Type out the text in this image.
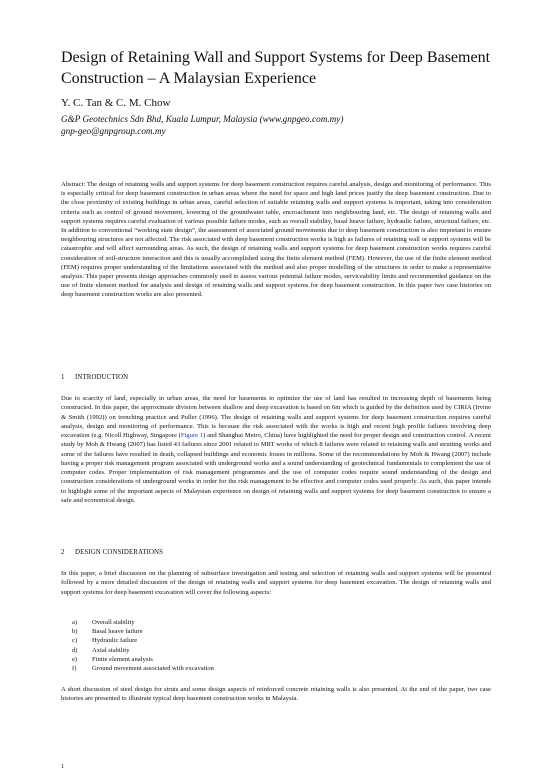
Design of Retaining Wall and Support Systems for Deep Basement Construction – A Malaysian Experience
Y. C. Tan & C. M. Chow
G&P Geotechnics Sdn Bhd, Kuala Lumpur, Malaysia (www.gnpgeo.com.my)
gnp-geo@gnpgroup.com.my

Abstract: The design of retaining walls and support systems for deep basement construction requires careful analysis, design and monitoring of performance. This is especially critical for deep basement construction in urban areas where the need for space and high land prices justify the deep basement construction. Due to the close proximity of existing buildings in urban areas, careful selection of suitable retaining walls and support systems is important, taking into consideration criteria such as control of ground movement, lowering of the groundwater table, encroachment into neighbouring land, etc. The design of retaining walls and support systems requires careful evaluation of various possible failure modes, such as overall stability, basal heave failure, hydraulic failure, structural failure, etc. In addition to conventional “working state design”, the assessment of associated ground movements due to deep basement construction is also important to ensure neighbouring structures are not affected. The risk associated with deep basement construction works is high as failures of retaining wall or support systems will be catastrophic and will affect surrounding areas. As such, the design of retaining walls and support systems for deep basement construction works requires careful consideration of soil-structure interaction and this is usually accomplished using the finite element method (FEM). However, the use of the finite element method (FEM) requires proper understanding of the limitations associated with the method and also proper modelling of the structures in order to make a representative analysis. This paper presents design approaches commonly used to assess various potential failure modes, serviceability limits and recommended guidance on the use of finite element method for analysis and design of retaining walls and support systems for deep basement construction. In this paper two case histories on deep basement construction works are also presented.

1 INTRODUCTION

Due to scarcity of land, especially in urban areas, the need for basements to optimize the use of land has resulted in increasing depth of basements being constructed. In this paper, the approximate division between shallow and deep excavation is based on 6m which is guided by the definition used by CIRIA (Irvine & Smith (1992)) on trenching practice and Puller (1996). The design of retaining walls and support systems for deep basement construction requires careful analysis, design and monitoring of performance. This is because the risk associated with the works is high and recent high profile failures involving deep excavation (e.g. Nicoll Highway, Singapore (Figure 1) and Shanghai Metro, China) have highlighted the need for proper design and construction control. A recent study by Moh & Hwang (2007) has listed 43 failures since 2001 related to MRT works of which 8 failures were related to retaining walls and strutting works and some of the failures have resulted in death, collapsed buildings and economic losses in millions. Some of the recommendations by Moh & Hwang (2007) include having a proper risk management program associated with underground works and a sound understanding of geotechnical fundamentals to complement the use of computer codes. Proper implementation of risk management programmes and the use of computer codes require sound understanding of the design and construction considerations of underground works in order for the risk management to be effective and computer codes used properly. As such, this paper intends to highlight some of the important aspects of Malaysian experience on design of retaining walls and support systems for deep basement construction to ensure a safe and economical design.

2 DESIGN CONSIDERATIONS

In this paper, a brief discussion on the planning of subsurface investigation and testing and selection of retaining walls and support systems will be presented followed by a more detailed discussion of the design of retaining walls and support systems for deep basement excavation. The design of retaining walls and support systems for deep basement excavation will cover the following aspects:

a)	Overall stability
b)	Basal heave failure
c)	Hydraulic failure
d)	Axial stability
e)	Finite element analysis
f)	Ground movement associated with excavation

A short discussion of steel design for struts and some design aspects of reinforced concrete retaining walls is also presented. At the end of the paper, two case histories are presented to illustrate typical deep basement construction works in Malaysia.

1
